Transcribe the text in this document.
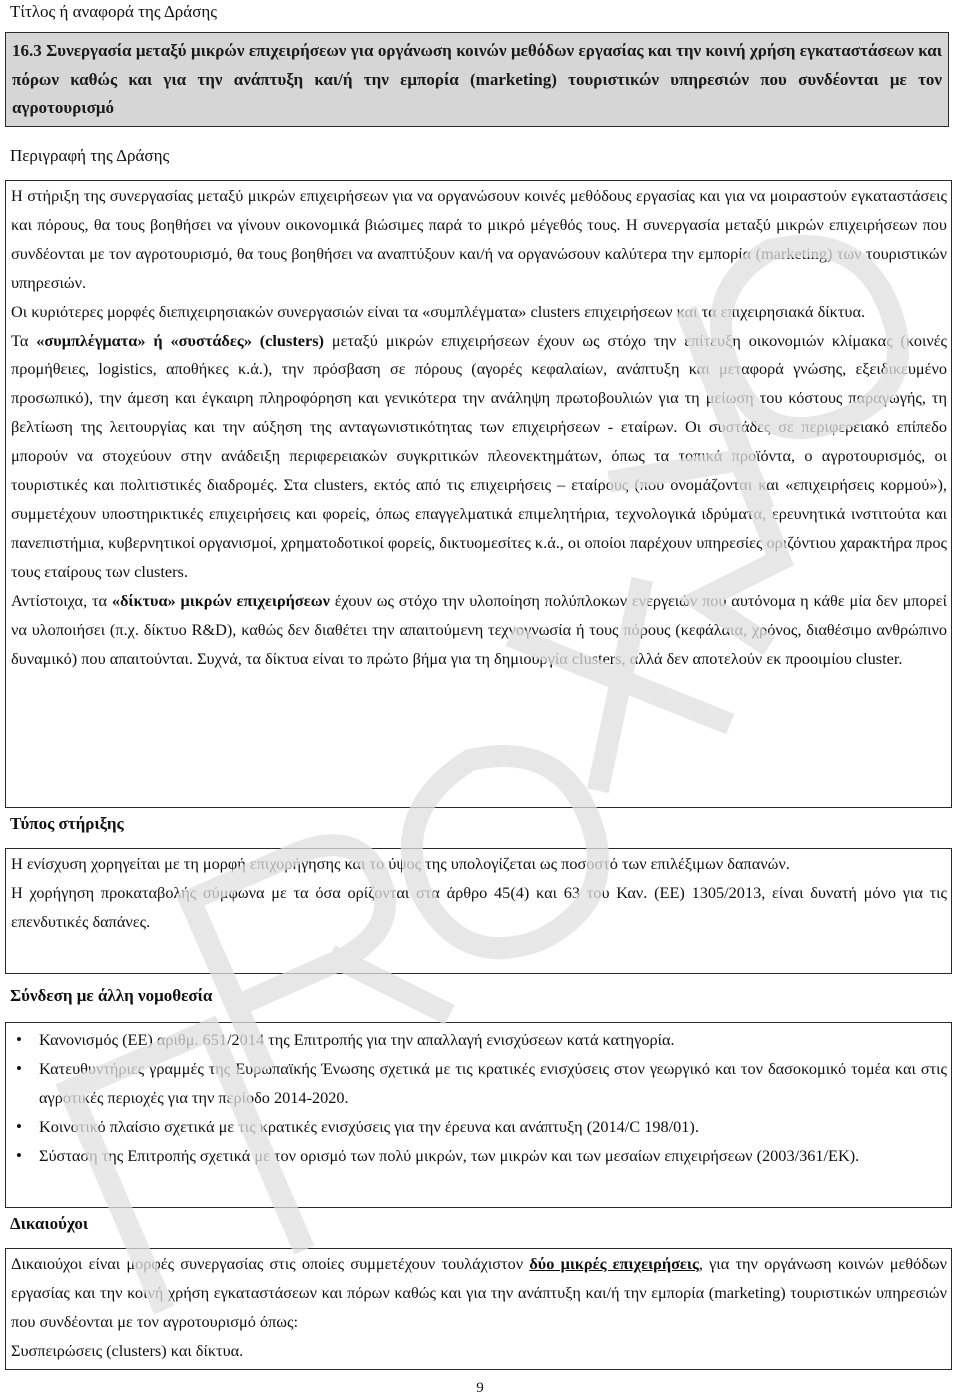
Τίτλος ή αναφορά της Δράσης

16.3 Συνεργασία μεταξύ μικρών επιχειρήσεων για οργάνωση κοινών μεθόδων εργασίας και την κοινή χρήση εγκαταστάσεων και πόρων καθώς και για την ανάπτυξη και/ή την εμπορία (marketing) τουριστικών υπηρεσιών που συνδέονται με τον αγροτουρισμό

Περιγραφή της Δράσης

Η στήριξη της συνεργασίας μεταξύ μικρών επιχειρήσεων για να οργανώσουν κοινές μεθόδους εργασίας και για να μοιραστούν εγκαταστάσεις και πόρους, θα τους βοηθήσει να γίνουν οικονομικά βιώσιμες παρά το μικρό μέγεθός τους. Η συνεργασία μεταξύ μικρών επιχειρήσεων που συνδέονται με τον αγροτουρισμό, θα τους βοηθήσει να αναπτύξουν και/ή να οργανώσουν καλύτερα την εμπορία (marketing) των τουριστικών υπηρεσιών.

Οι κυριότερες μορφές διεπιχειρησιακών συνεργασιών είναι τα «συμπλέγματα» clusters επιχειρήσεων και τα επιχειρησιακά δίκτυα.

Τα «συμπλέγματα» ή «συστάδες» (clusters) μεταξύ μικρών επιχειρήσεων έχουν ως στόχο την επίτευξη οικονομιών κλίμακας (κοινές προμήθειες, logistics, αποθήκες κ.ά.), την πρόσβαση σε πόρους (αγορές κεφαλαίων, ανάπτυξη και μεταφορά γνώσης, εξειδικευμένο προσωπικό), την άμεση και έγκαιρη πληροφόρηση και γενικότερα την ανάληψη πρωτοβουλιών για τη μείωση του κόστους παραγωγής, τη βελτίωση της λειτουργίας και την αύξηση της ανταγωνιστικότητας των επιχειρήσεων - εταίρων. Οι συστάδες σε περιφερειακό επίπεδο μπορούν να στοχεύουν στην ανάδειξη περιφερειακών συγκριτικών πλεονεκτημάτων, όπως τα τοπικά προϊόντα, ο αγροτουρισμός, οι τουριστικές και πολιτιστικές διαδρομές. Στα clusters, εκτός από τις επιχειρήσεις – εταίρους (που ονομάζονται και «επιχειρήσεις κορμού»), συμμετέχουν υποστηρικτικές επιχειρήσεις και φορείς, όπως επαγγελματικά επιμελητήρια, τεχνολογικά ιδρύματα, ερευνητικά ινστιτούτα και πανεπιστήμια, κυβερνητικοί οργανισμοί, χρηματοδοτικοί φορείς, δικτυομεσίτες κ.ά., οι οποίοι παρέχουν υπηρεσίες οριζόντιου χαρακτήρα προς τους εταίρους των clusters.

Αντίστοιχα, τα «δίκτυα» μικρών επιχειρήσεων έχουν ως στόχο την υλοποίηση πολύπλοκων ενεργειών που αυτόνομα η κάθε μία δεν μπορεί να υλοποιήσει (π.χ. δίκτυο R&D), καθώς δεν διαθέτει την απαιτούμενη τεχνογνωσία ή τους πόρους (κεφάλαια, χρόνος, διαθέσιμο ανθρώπινο δυναμικό) που απαιτούνται. Συχνά, τα δίκτυα είναι το πρώτο βήμα για τη δημιουργία clusters, αλλά δεν αποτελούν εκ προοιμίου cluster.

Τύπος στήριξης

Η ενίσχυση χορηγείται με τη μορφή επιχορήγησης και το ύψος της υπολογίζεται ως ποσοστό των επιλέξιμων δαπανών.

Η χορήγηση προκαταβολής σύμφωνα με τα όσα ορίζονται στα άρθρο 45(4) και 63 του Καν. (ΕΕ) 1305/2013, είναι δυνατή μόνο για τις επενδυτικές δαπάνες.

Σύνδεση με άλλη νομοθεσία

• Κανονισμός (ΕΕ) αριθμ. 651/2014 της Επιτροπής για την απαλλαγή ενισχύσεων κατά κατηγορία.
• Κατευθυντήριες γραμμές της Ευρωπαϊκής Ένωσης σχετικά με τις κρατικές ενισχύσεις στον γεωργικό και τον δασοκομικό τομέα και στις αγροτικές περιοχές για την περίοδο 2014-2020.
• Κοινοτικό πλαίσιο σχετικά με τις κρατικές ενισχύσεις για την έρευνα και ανάπτυξη (2014/C 198/01).
• Σύσταση της Επιτροπής σχετικά με τον ορισμό των πολύ μικρών, των μικρών και των μεσαίων επιχειρήσεων (2003/361/ΕΚ).

Δικαιούχοι

Δικαιούχοι είναι μορφές συνεργασίας στις οποίες συμμετέχουν τουλάχιστον δύο μικρές επιχειρήσεις, για την οργάνωση κοινών μεθόδων εργασίας και την κοινή χρήση εγκαταστάσεων και πόρων καθώς και για την ανάπτυξη και/ή την εμπορία (marketing) τουριστικών υπηρεσιών που συνδέονται με τον αγροτουρισμό όπως:

Συσπειρώσεις (clusters) και δίκτυα.

9
